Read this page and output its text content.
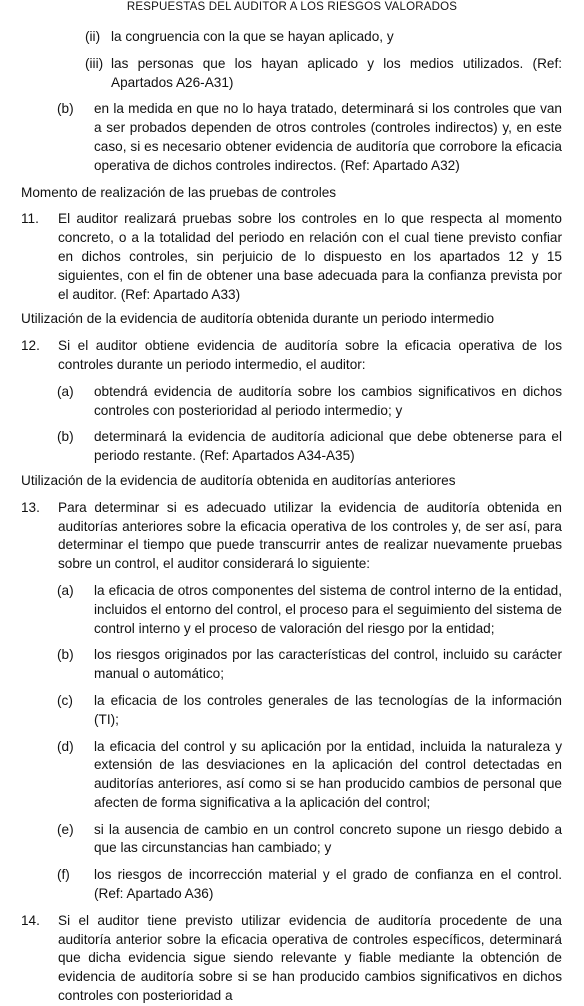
RESPUESTAS DEL AUDITOR A LOS RIESGOS VALORADOS
(ii) la congruencia con la que se hayan aplicado, y
(iii) las personas que los hayan aplicado y los medios utilizados. (Ref: Apartados A26-A31)
(b) en la medida en que no lo haya tratado, determinará si los controles que van a ser probados dependen de otros controles (controles indirectos) y, en este caso, si es necesario obtener evidencia de auditoría que corrobore la eficacia operativa de dichos controles indirectos. (Ref: Apartado A32)
Momento de realización de las pruebas de controles
11. El auditor realizará pruebas sobre los controles en lo que respecta al momento concreto, o a la totalidad del periodo en relación con el cual tiene previsto confiar en dichos controles, sin perjuicio de lo dispuesto en los apartados 12 y 15 siguientes, con el fin de obtener una base adecuada para la confianza prevista por el auditor. (Ref: Apartado A33)
Utilización de la evidencia de auditoría obtenida durante un periodo intermedio
12. Si el auditor obtiene evidencia de auditoría sobre la eficacia operativa de los controles durante un periodo intermedio, el auditor:
(a) obtendrá evidencia de auditoría sobre los cambios significativos en dichos controles con posterioridad al periodo intermedio; y
(b) determinará la evidencia de auditoría adicional que debe obtenerse para el periodo restante. (Ref: Apartados A34-A35)
Utilización de la evidencia de auditoría obtenida en auditorías anteriores
13. Para determinar si es adecuado utilizar la evidencia de auditoría obtenida en auditorías anteriores sobre la eficacia operativa de los controles y, de ser así, para determinar el tiempo que puede transcurrir antes de realizar nuevamente pruebas sobre un control, el auditor considerará lo siguiente:
(a) la eficacia de otros componentes del sistema de control interno de la entidad, incluidos el entorno del control, el proceso para el seguimiento del sistema de control interno y el proceso de valoración del riesgo por la entidad;
(b) los riesgos originados por las características del control, incluido su carácter manual o automático;
(c) la eficacia de los controles generales de las tecnologías de la información (TI);
(d) la eficacia del control y su aplicación por la entidad, incluida la naturaleza y extensión de las desviaciones en la aplicación del control detectadas en auditorías anteriores, así como si se han producido cambios de personal que afecten de forma significativa a la aplicación del control;
(e) si la ausencia de cambio en un control concreto supone un riesgo debido a que las circunstancias han cambiado; y
(f) los riesgos de incorrección material y el grado de confianza en el control. (Ref: Apartado A36)
14. Si el auditor tiene previsto utilizar evidencia de auditoría procedente de una auditoría anterior sobre la eficacia operativa de controles específicos, determinará que dicha evidencia sigue siendo relevante y fiable mediante la obtención de evidencia de auditoría sobre si se han producido cambios significativos en dichos controles con posterioridad a
